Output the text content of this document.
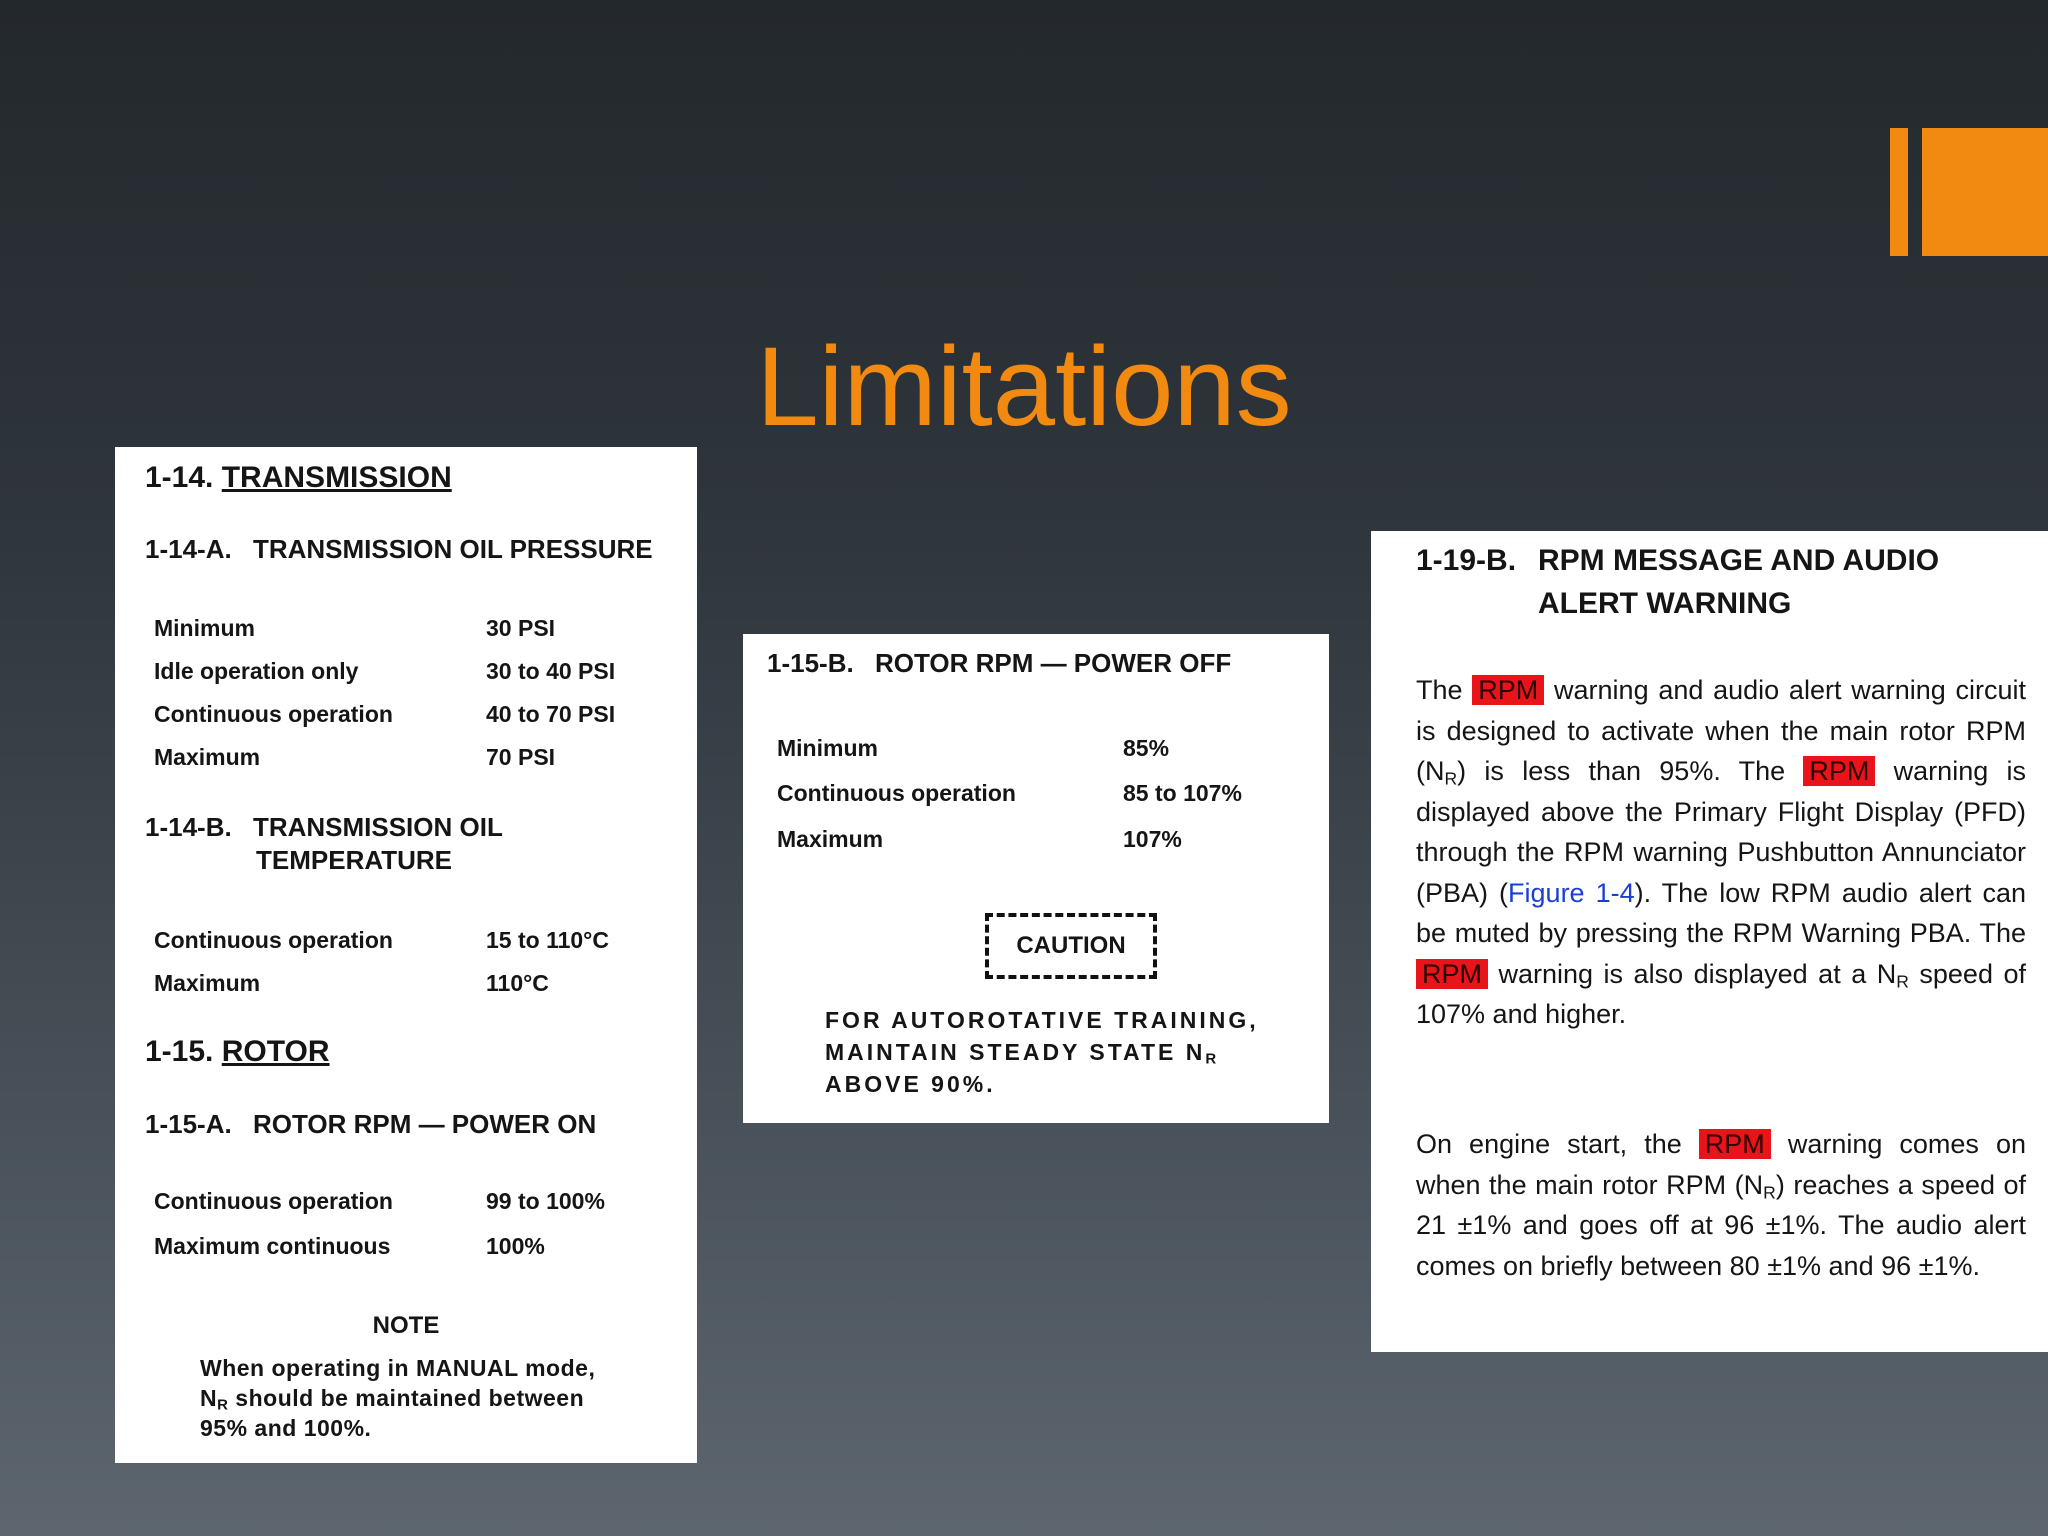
Limitations
1-14. TRANSMISSION
1-14-A. TRANSMISSION OIL PRESSURE
Minimum	30 PSI
Idle operation only	30 to 40 PSI
Continuous operation	40 to 70 PSI
Maximum	70 PSI
1-14-B. TRANSMISSION OIL
TEMPERATURE
Continuous operation	15 to 110°C
Maximum	110°C
1-15. ROTOR
1-15-A. ROTOR RPM — POWER ON
Continuous operation	99 to 100%
Maximum continuous	100%
NOTE
When operating in MANUAL mode,
$N_R$ should be maintained between
95% and 100%.
1-15-B. ROTOR RPM — POWER OFF
Minimum	85%
Continuous operation	85 to 107%
Maximum	107%
CAUTION
FOR AUTOROTATIVE TRAINING,
MAINTAIN STEADY STATE $N_R$
ABOVE 90%.
1-19-B. RPM MESSAGE AND AUDIO
ALERT WARNING
The RPM warning and audio alert warning circuit is designed to activate when the main rotor RPM $(N_R)$ is less than 95%. The RPM warning is displayed above the Primary Flight Display (PFD) through the RPM warning Pushbutton Annunciator (PBA) (Figure 1-4). The low RPM audio alert can be muted by pressing the RPM Warning PBA. The RPM warning is also displayed at a $N_R$ speed of 107% and higher.
On engine start, the RPM warning comes on when the main rotor RPM $(N_R)$ reaches a speed of 21 ±1% and goes off at 96 ±1%. The audio alert comes on briefly between 80 ±1% and 96 ±1%.
